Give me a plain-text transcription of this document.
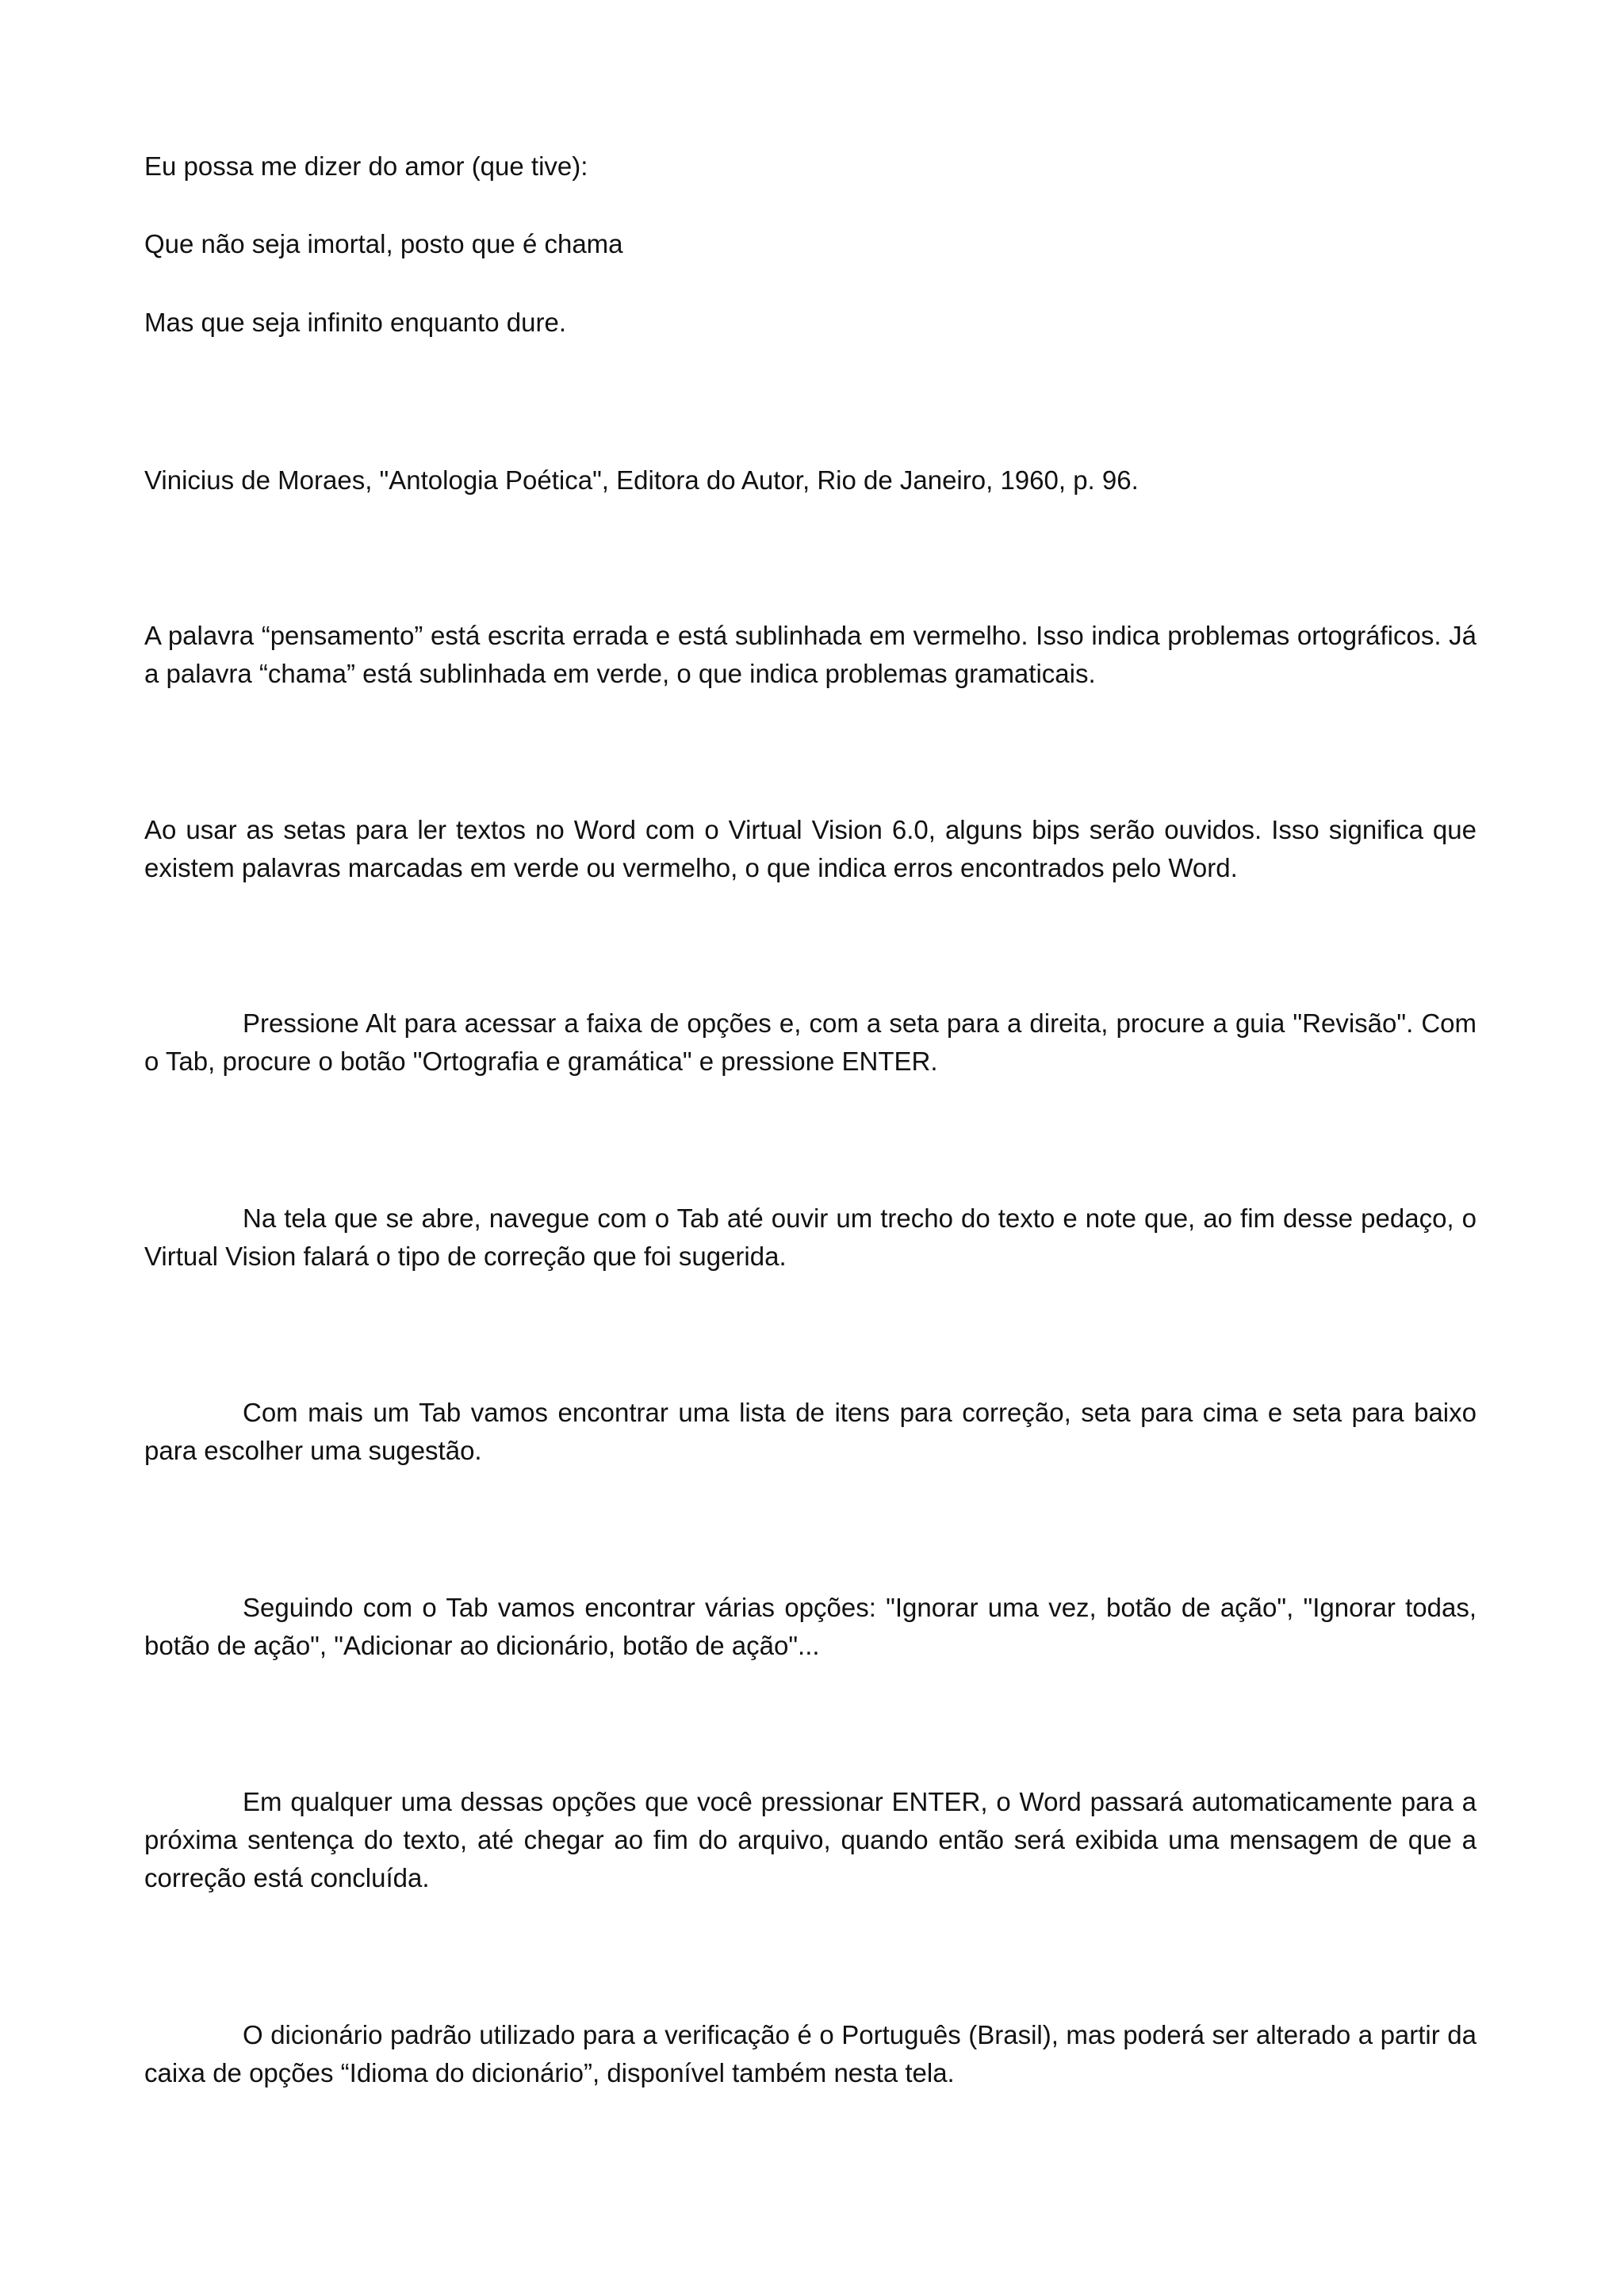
Eu possa me dizer do amor (que tive):

Que não seja imortal, posto que é chama

Mas que seja infinito enquanto dure.

Vinicius de Moraes, "Antologia Poética", Editora do Autor, Rio de Janeiro, 1960, p. 96.

A palavra “pensamento” está escrita errada e está sublinhada em vermelho. Isso indica problemas ortográficos. Já a palavra “chama” está sublinhada em verde, o que indica problemas gramaticais.

Ao usar as setas para ler textos no Word com o Virtual Vision 6.0, alguns bips serão ouvidos. Isso significa que existem palavras marcadas em verde ou vermelho, o que indica erros encontrados pelo Word.

Pressione Alt para acessar a faixa de opções e, com a seta para a direita, procure a guia "Revisão". Com o Tab, procure o botão "Ortografia e gramática" e pressione ENTER.

Na tela que se abre, navegue com o Tab até ouvir um trecho do texto e note que, ao fim desse pedaço, o Virtual Vision falará o tipo de correção que foi sugerida.

Com mais um Tab vamos encontrar uma lista de itens para correção, seta para cima e seta para baixo para escolher uma sugestão.

Seguindo com o Tab vamos encontrar várias opções: "Ignorar uma vez, botão de ação", "Ignorar todas, botão de ação", "Adicionar ao dicionário, botão de ação"...

Em qualquer uma dessas opções que você pressionar ENTER, o Word passará automaticamente para a próxima sentença do texto, até chegar ao fim do arquivo, quando então será exibida uma mensagem de que a correção está concluída.

O dicionário padrão utilizado para a verificação é o Português (Brasil), mas poderá ser alterado a partir da caixa de opções “Idioma do dicionário”, disponível também nesta tela.
